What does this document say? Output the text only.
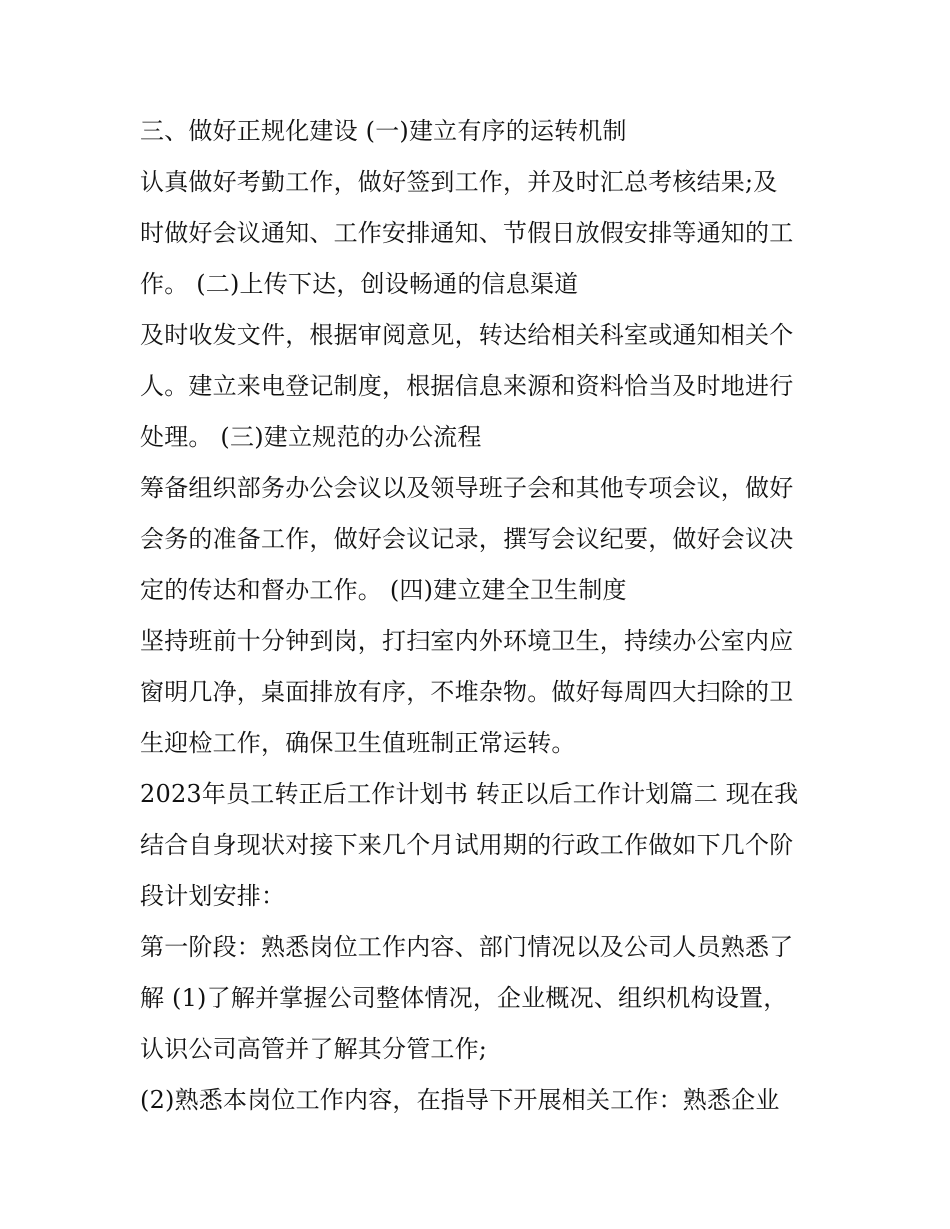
三、做好正规化建设 (一)建立有序的运转机制
认真做好考勤工作，做好签到工作，并及时汇总考核结果;及
时做好会议通知、工作安排通知、节假日放假安排等通知的工
作。 (二)上传下达，创设畅通的信息渠道
及时收发文件，根据审阅意见，转达给相关科室或通知相关个
人。建立来电登记制度，根据信息来源和资料恰当及时地进行
处理。 (三)建立规范的办公流程
筹备组织部务办公会议以及领导班子会和其他专项会议，做好
会务的准备工作，做好会议记录，撰写会议纪要，做好会议决
定的传达和督办工作。 (四)建立建全卫生制度
坚持班前十分钟到岗，打扫室内外环境卫生，持续办公室内应
窗明几净，桌面排放有序，不堆杂物。做好每周四大扫除的卫
生迎检工作，确保卫生值班制正常运转。
2023年员工转正后工作计划书 转正以后工作计划篇二 现在我
结合自身现状对接下来几个月试用期的行政工作做如下几个阶
段计划安排：
第一阶段：熟悉岗位工作内容、部门情况以及公司人员熟悉了
解 (1)了解并掌握公司整体情况，企业概况、组织机构设置，
认识公司高管并了解其分管工作;
(2)熟悉本岗位工作内容，在指导下开展相关工作：熟悉企业
